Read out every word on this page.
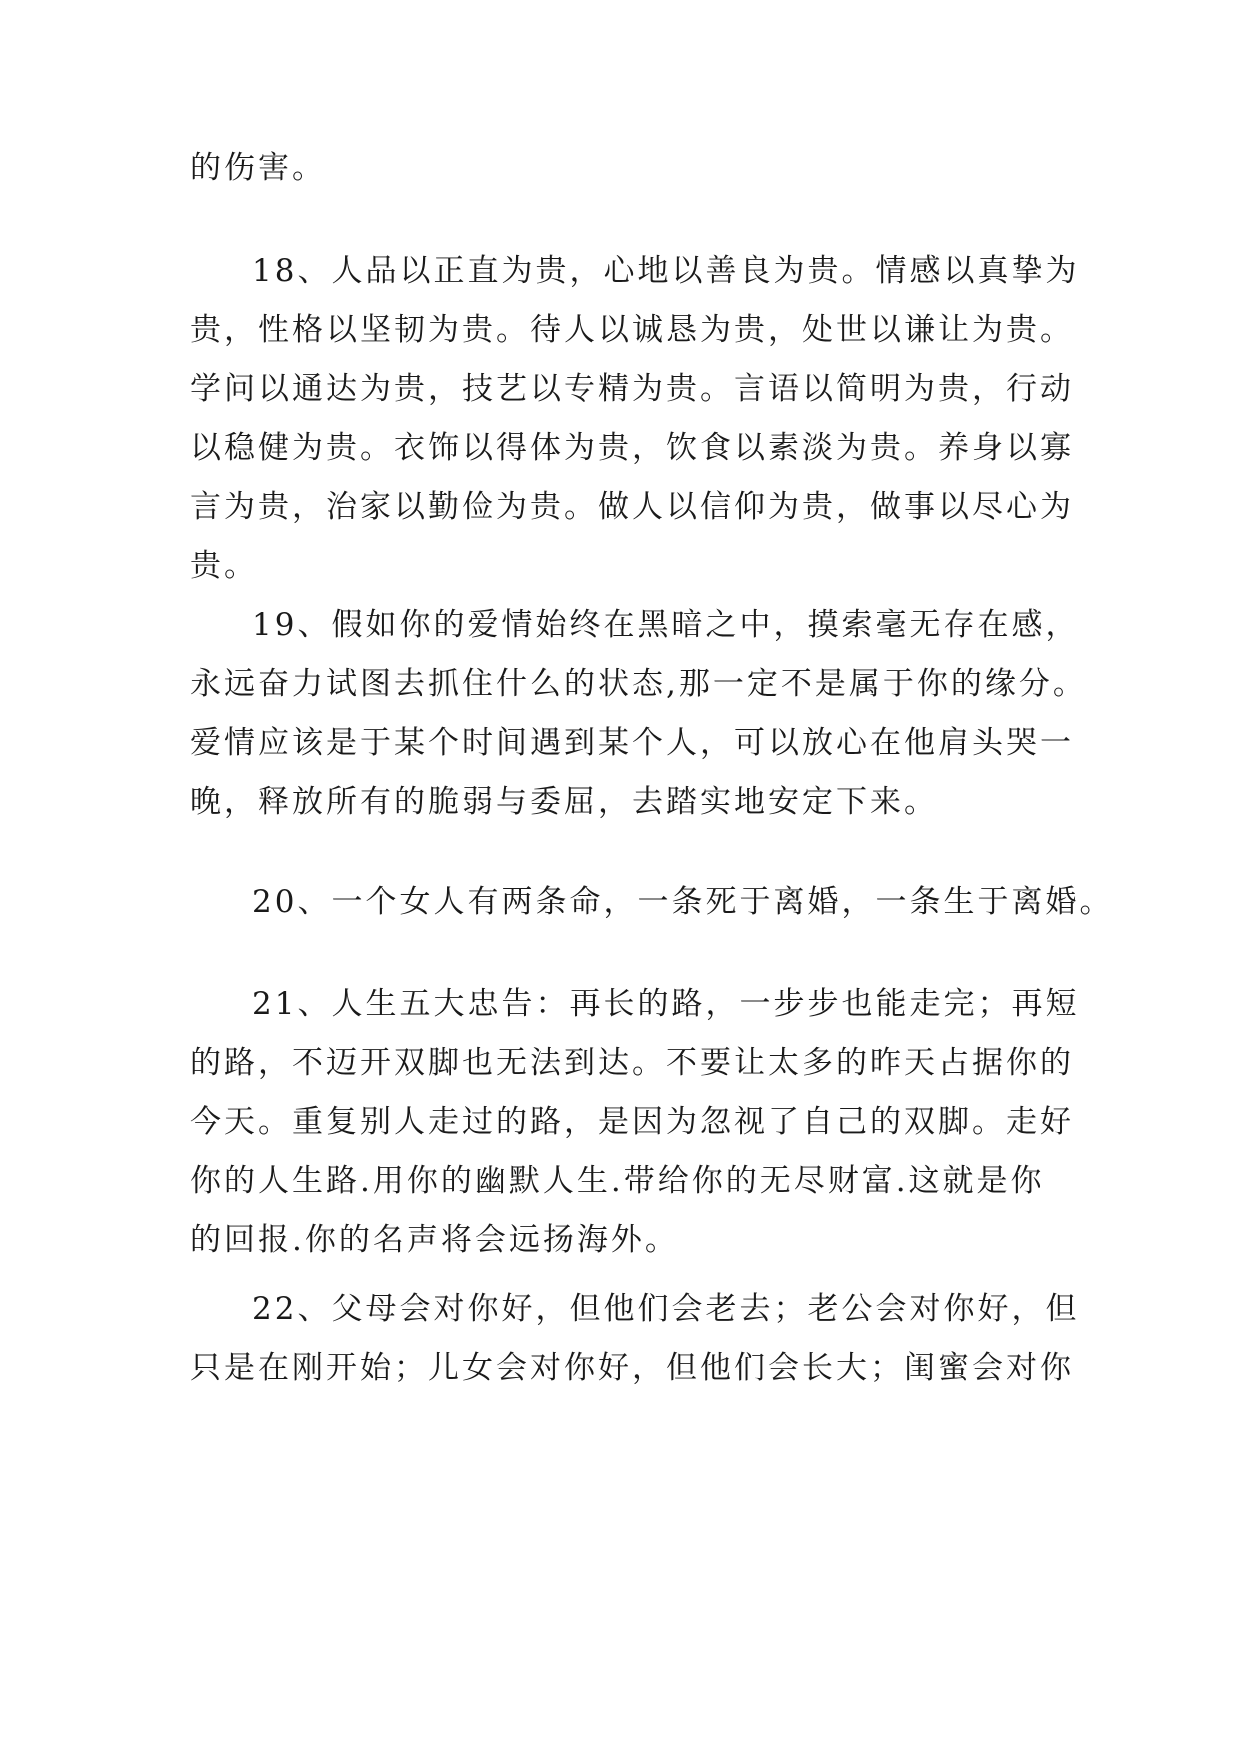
的伤害。

18、人品以正直为贵，心地以善良为贵。情感以真挚为
贵，性格以坚韧为贵。待人以诚恳为贵，处世以谦让为贵。
学问以通达为贵，技艺以专精为贵。言语以简明为贵，行动
以稳健为贵。衣饰以得体为贵，饮食以素淡为贵。养身以寡
言为贵，治家以勤俭为贵。做人以信仰为贵，做事以尽心为
贵。

19、假如你的爱情始终在黑暗之中，摸索毫无存在感，
永远奋力试图去抓住什么的状态,那一定不是属于你的缘分。
爱情应该是于某个时间遇到某个人，可以放心在他肩头哭一
晚，释放所有的脆弱与委屈，去踏实地安定下来。

20、一个女人有两条命，一条死于离婚，一条生于离婚。

21、人生五大忠告：再长的路，一步步也能走完；再短
的路，不迈开双脚也无法到达。不要让太多的昨天占据你的
今天。重复别人走过的路，是因为忽视了自己的双脚。走好
你的人生路.用你的幽默人生.带给你的无尽财富.这就是你
的回报.你的名声将会远扬海外。

22、父母会对你好，但他们会老去；老公会对你好，但
只是在刚开始；儿女会对你好，但他们会长大；闺蜜会对你
